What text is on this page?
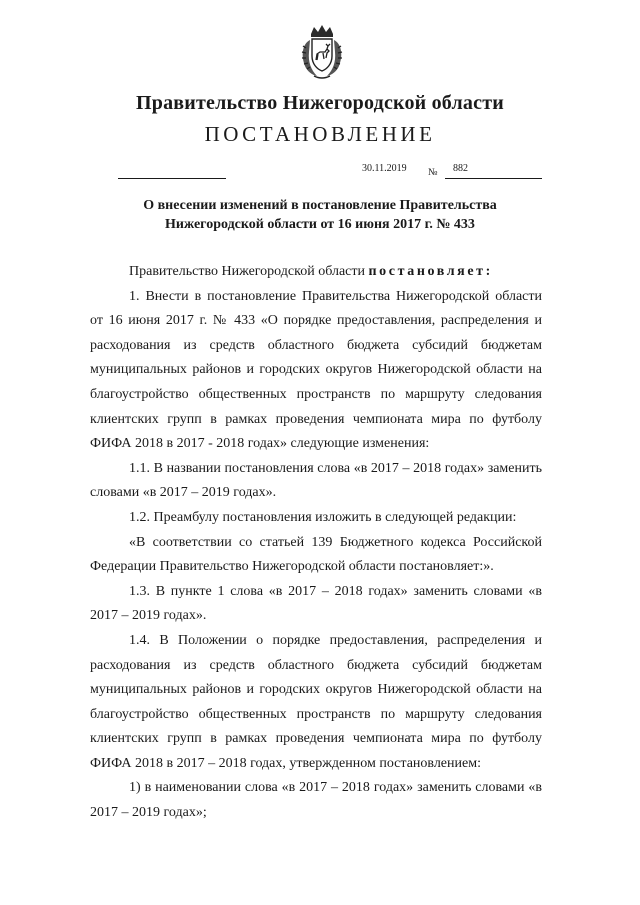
Правительство Нижегородской области
ПОСТАНОВЛЕНИЕ
30.11.2019 № 882
О внесении изменений в постановление Правительства
Нижегородской области от 16 июня 2017 г. № 433

Правительство Нижегородской области постановляет:

1. Внести в постановление Правительства Нижегородской области от 16 июня 2017 г. № 433 «О порядке предоставления, распределения и расходования из средств областного бюджета субсидий бюджетам муниципальных районов и городских округов Нижегородской области на благоустройство общественных пространств по маршруту следования клиентских групп в рамках проведения чемпионата мира по футболу ФИФА 2018 в 2017 - 2018 годах» следующие изменения:

1.1. В названии постановления слова «в 2017 – 2018 годах» заменить словами «в 2017 – 2019 годах».

1.2. Преамбулу постановления изложить в следующей редакции:

«В соответствии со статьей 139 Бюджетного кодекса Российской Федерации Правительство Нижегородской области постановляет:».

1.3. В пункте 1 слова «в 2017 – 2018 годах» заменить словами «в 2017 – 2019 годах».

1.4. В Положении о порядке предоставления, распределения и расходования из средств областного бюджета субсидий бюджетам муниципальных районов и городских округов Нижегородской области на благоустройство общественных пространств по маршруту следования клиентских групп в рамках проведения чемпионата мира по футболу ФИФА 2018 в 2017 – 2018 годах, утвержденном постановлением:

1) в наименовании слова «в 2017 – 2018 годах» заменить словами «в 2017 – 2019 годах»;
